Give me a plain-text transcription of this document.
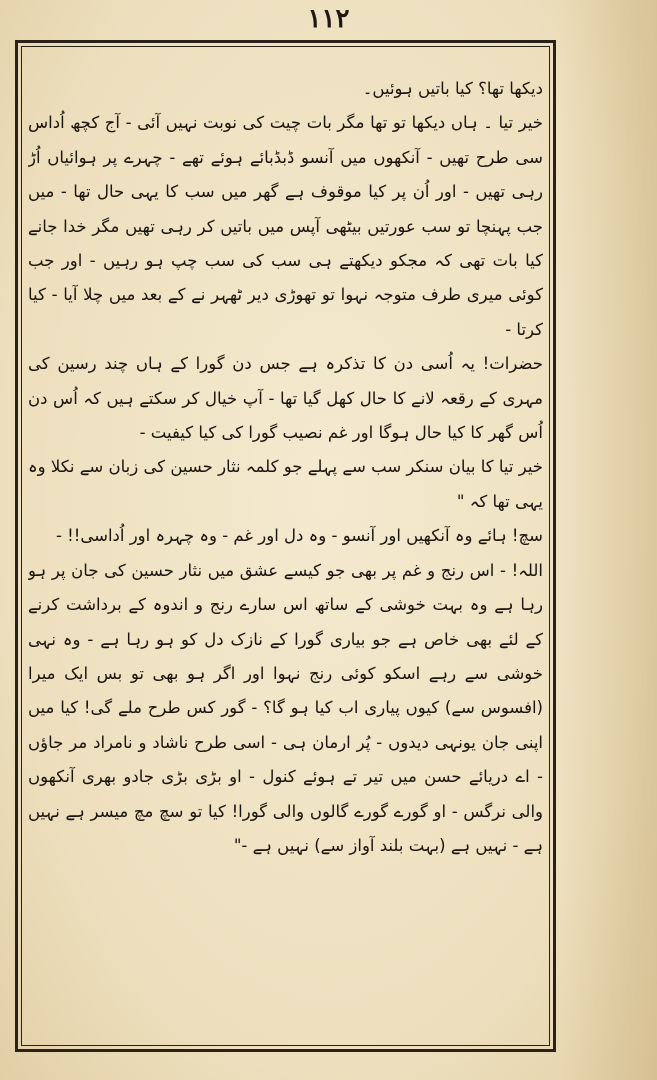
۱۱۲

دیکھا تھا؟ کیا باتیں ہوئیں۔

خیر تیا ۔ ہاں دیکھا تو تھا مگر بات چیت کی نوبت نہیں آئی - آج کچھ اُداس سی طرح تھیں - آنکھوں میں آنسو ڈبڈبائے ہوئے تھے - چہرے پر ہوائیاں اُڑ رہی تھیں - اور اُن پر کیا موقوف ہے گھر میں سب کا یہی حال تھا - میں جب پہنچا تو سب عورتیں بیٹھی آپس میں باتیں کر رہی تھیں مگر خدا جانے کیا بات تھی کہ مجکو دیکھتے ہی سب کی سب چپ ہو رہیں - اور جب کوئی میری طرف متوجہ نہوا تو تھوڑی دیر ٹھہر نے کے بعد میں چلا آیا - کیا کرتا -

حضرات! یہ اُسی دن کا تذکرہ ہے جس دن گورا کے ہاں چند رسین کی مہری کے رقعہ لانے کا حال کھل گیا تھا - آپ خیال کر سکتے ہیں کہ اُس دن اُس گھر کا کیا حال ہوگا اور غم نصیب گورا کی کیا کیفیت -

خیر تیا کا بیان سنکر سب سے پہلے جو کلمہ نثار حسین کی زبان سے نکلا وہ یہی تھا کہ "

سچ! ہائے وہ آنکھیں اور آنسو - وہ دل اور غم - وہ چہرہ اور اُداسی!! -

اللہ! - اس رنج و غم پر بھی جو کیسے عشق میں نثار حسین کی جان پر ہو رہا ہے وہ بہت خوشی کے ساتھ اس سارے رنج و اندوہ کے برداشت کرنے کے لئے بھی خاص ہے جو بیاری گورا کے نازک دل کو ہو رہا ہے - وہ نہی خوشی سے رہے اسکو کوئی رنج نہوا اور اگر ہو بھی تو بس ایک میرا (افسوس سے) کیوں پیاری اب کیا ہو گا؟ - گور کس طرح ملے گی! کیا میں اپنی جان یونہی دیدوں - پُر ارمان ہی - اسی طرح ناشاد و نامراد مر جاؤں - اے دریائے حسن میں تیر تے ہوئے کنول - او بڑی بڑی جادو بھری آنکھوں والی نرگس - او گورے گورے گالوں والی گورا! کیا تو سچ مچ میسر ہے نہیں ہے - نہیں ہے (بہت بلند آواز سے) نہیں ہے -"
